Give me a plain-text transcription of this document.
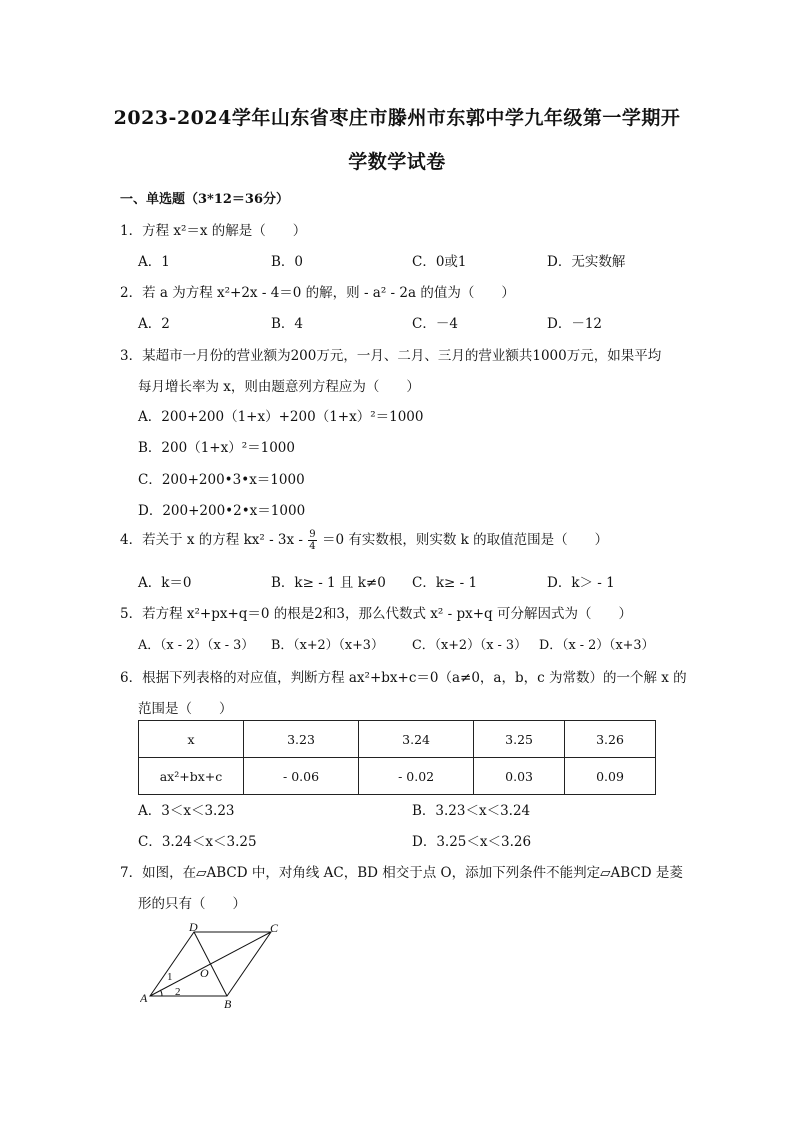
2023-2024学年山东省枣庄市滕州市东郭中学九年级第一学期开
学数学试卷
一、单选题（3*12＝36分）
1．方程 x²＝x 的解是（　　）
A．1	B．0	C．0或1	D．无实数解
2．若 a 为方程 x²+2x - 4＝0 的解，则 - a² - 2a 的值为（　　）
A．2	B．4	C．－4	D．－12
3．某超市一月份的营业额为200万元，一月、二月、三月的营业额共1000万元，如果平均
每月增长率为 x，则由题意列方程应为（　　）
A．200+200（1+x）+200（1+x）²＝1000
B．200（1+x）²＝1000
C．200+200•3•x＝1000
D．200+200•2•x＝1000
4．若关于 x 的方程 $kx^2 - 3x - \frac{9}{4} =0$ 有实数根，则实数 k 的取值范围是（　　）
A．k＝0	B．k≥ - 1 且 k≠0 C．k≥ - 1	D．k＞ - 1
5．若方程 x²+px+q＝0 的根是2和3，那么代数式 x² - px+q 可分解因式为（　　）
A．（x - 2）（x - 3） B．（x+2）（x+3） C．（x+2）（x - 3） D．（x - 2）（x+3）
6．根据下列表格的对应值，判断方程 ax²+bx+c＝0（a≠0，a，b，c 为常数）的一个解 x 的
范围是（　　）
x	3.23	3.24	3.25	3.26
ax²+bx+c	- 0.06	- 0.02	0.03	0.09
A．3＜x＜3.23	B．3.23＜x＜3.24
C．3.24＜x＜3.25	D．3.25＜x＜3.26
7．如图，在▱ABCD 中，对角线 AC，BD 相交于点 O，添加下列条件不能判定▱ABCD 是菱
形的只有（　　）
A	B
C
D
O
1
2
